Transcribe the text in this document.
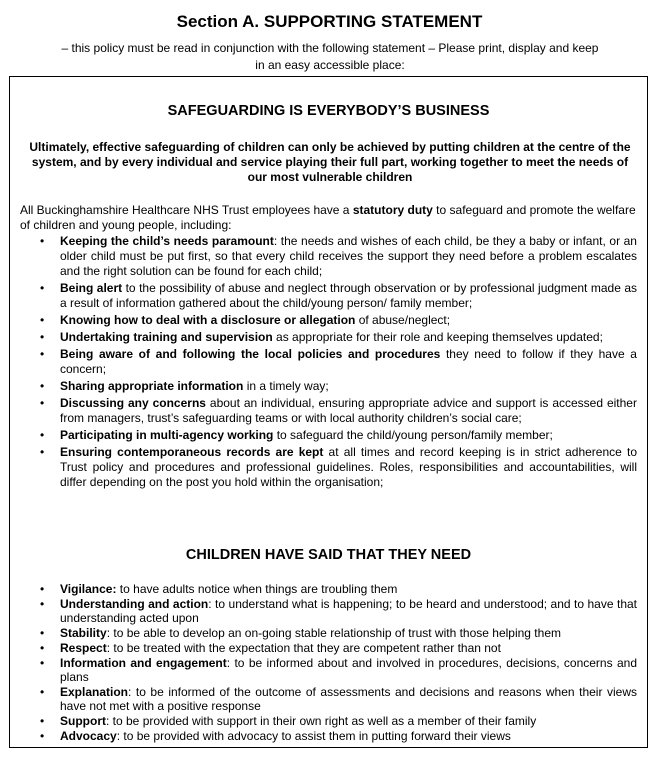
Section A. SUPPORTING STATEMENT

– this policy must be read in conjunction with the following statement – Please print, display and keep in an easy accessible place:

SAFEGUARDING IS EVERYBODY’S BUSINESS

Ultimately, effective safeguarding of children can only be achieved by putting children at the centre of the system, and by every individual and service playing their full part, working together to meet the needs of our most vulnerable children

All Buckinghamshire Healthcare NHS Trust employees have a statutory duty to safeguard and promote the welfare of children and young people, including:

• Keeping the child’s needs paramount: the needs and wishes of each child, be they a baby or infant, or an older child must be put first, so that every child receives the support they need before a problem escalates and the right solution can be found for each child;
• Being alert to the possibility of abuse and neglect through observation or by professional judgment made as a result of information gathered about the child/young person/ family member;
• Knowing how to deal with a disclosure or allegation of abuse/neglect;
• Undertaking training and supervision as appropriate for their role and keeping themselves updated;
• Being aware of and following the local policies and procedures they need to follow if they have a concern;
• Sharing appropriate information in a timely way;
• Discussing any concerns about an individual, ensuring appropriate advice and support is accessed either from managers, trust’s safeguarding teams or with local authority children’s social care;
• Participating in multi-agency working to safeguard the child/young person/family member;
• Ensuring contemporaneous records are kept at all times and record keeping is in strict adherence to Trust policy and procedures and professional guidelines. Roles, responsibilities and accountabilities, will differ depending on the post you hold within the organisation;
CHILDREN HAVE SAID THAT THEY NEED
• Vigilance: to have adults notice when things are troubling them
• Understanding and action: to understand what is happening; to be heard and understood; and to have that understanding acted upon
• Stability: to be able to develop an on-going stable relationship of trust with those helping them
• Respect: to be treated with the expectation that they are competent rather than not
• Information and engagement: to be informed about and involved in procedures, decisions, concerns and plans
• Explanation: to be informed of the outcome of assessments and decisions and reasons when their views have not met with a positive response
• Support: to be provided with support in their own right as well as a member of their family
• Advocacy: to be provided with advocacy to assist them in putting forward their views
